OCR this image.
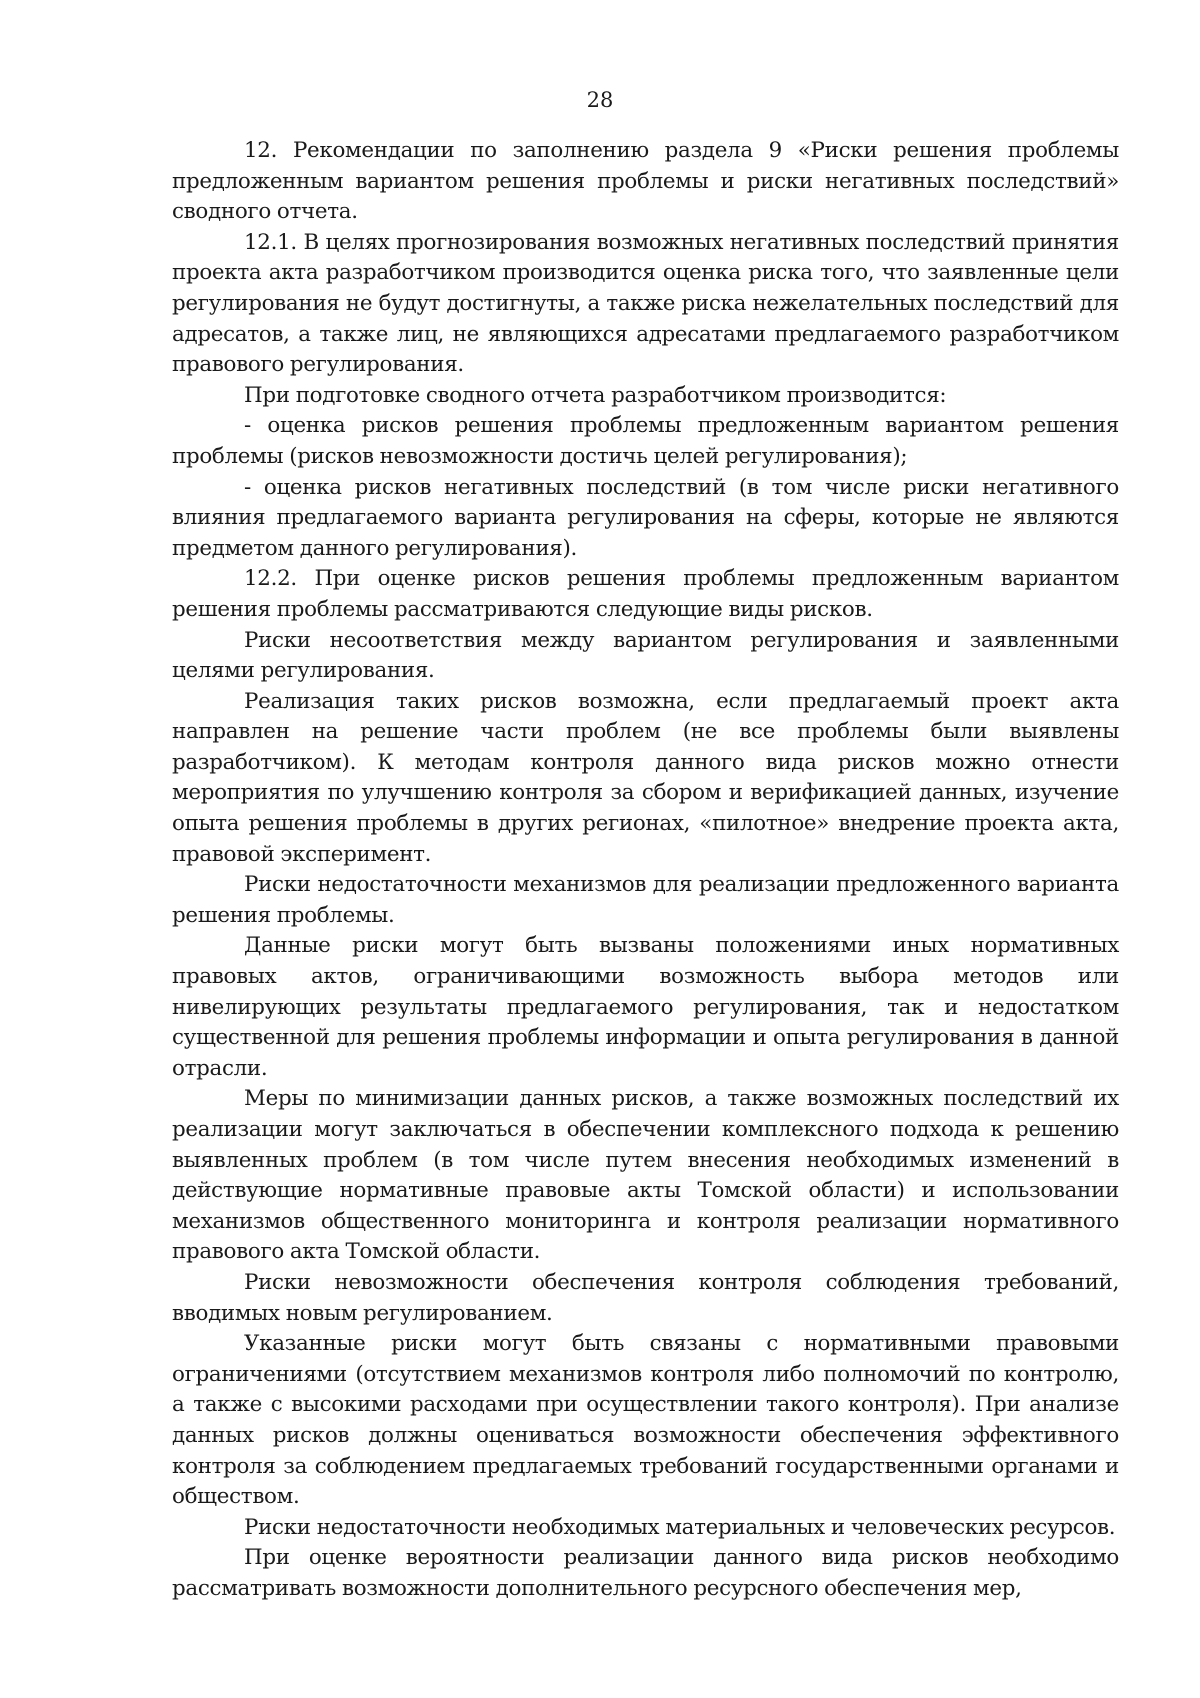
28

12. Рекомендации по заполнению раздела 9 «Риски решения проблемы предложенным вариантом решения проблемы и риски негативных последствий» сводного отчета.

12.1. В целях прогнозирования возможных негативных последствий принятия проекта акта разработчиком производится оценка риска того, что заявленные цели регулирования не будут достигнуты, а также риска нежелательных последствий для адресатов, а также лиц, не являющихся адресатами предлагаемого разработчиком правового регулирования.

При подготовке сводного отчета разработчиком производится:

- оценка рисков решения проблемы предложенным вариантом решения проблемы (рисков невозможности достичь целей регулирования);

- оценка рисков негативных последствий (в том числе риски негативного влияния предлагаемого варианта регулирования на сферы, которые не являются предметом данного регулирования).

12.2. При оценке рисков решения проблемы предложенным вариантом решения проблемы рассматриваются следующие виды рисков.

Риски несоответствия между вариантом регулирования и заявленными целями регулирования.

Реализация таких рисков возможна, если предлагаемый проект акта направлен на решение части проблем (не все проблемы были выявлены разработчиком). К методам контроля данного вида рисков можно отнести мероприятия по улучшению контроля за сбором и верификацией данных, изучение опыта решения проблемы в других регионах, «пилотное» внедрение проекта акта, правовой эксперимент.

Риски недостаточности механизмов для реализации предложенного варианта решения проблемы.

Данные риски могут быть вызваны положениями иных нормативных правовых актов, ограничивающими возможность выбора методов или нивелирующих результаты предлагаемого регулирования, так и недостатком существенной для решения проблемы информации и опыта регулирования в данной отрасли.

Меры по минимизации данных рисков, а также возможных последствий их реализации могут заключаться в обеспечении комплексного подхода к решению выявленных проблем (в том числе путем внесения необходимых изменений в действующие нормативные правовые акты Томской области) и использовании механизмов общественного мониторинга и контроля реализации нормативного правового акта Томской области.

Риски невозможности обеспечения контроля соблюдения требований, вводимых новым регулированием.

Указанные риски могут быть связаны с нормативными правовыми ограничениями (отсутствием механизмов контроля либо полномочий по контролю, а также с высокими расходами при осуществлении такого контроля). При анализе данных рисков должны оцениваться возможности обеспечения эффективного контроля за соблюдением предлагаемых требований государственными органами и обществом.

Риски недостаточности необходимых материальных и человеческих ресурсов.

При оценке вероятности реализации данного вида рисков необходимо рассматривать возможности дополнительного ресурсного обеспечения мер,
